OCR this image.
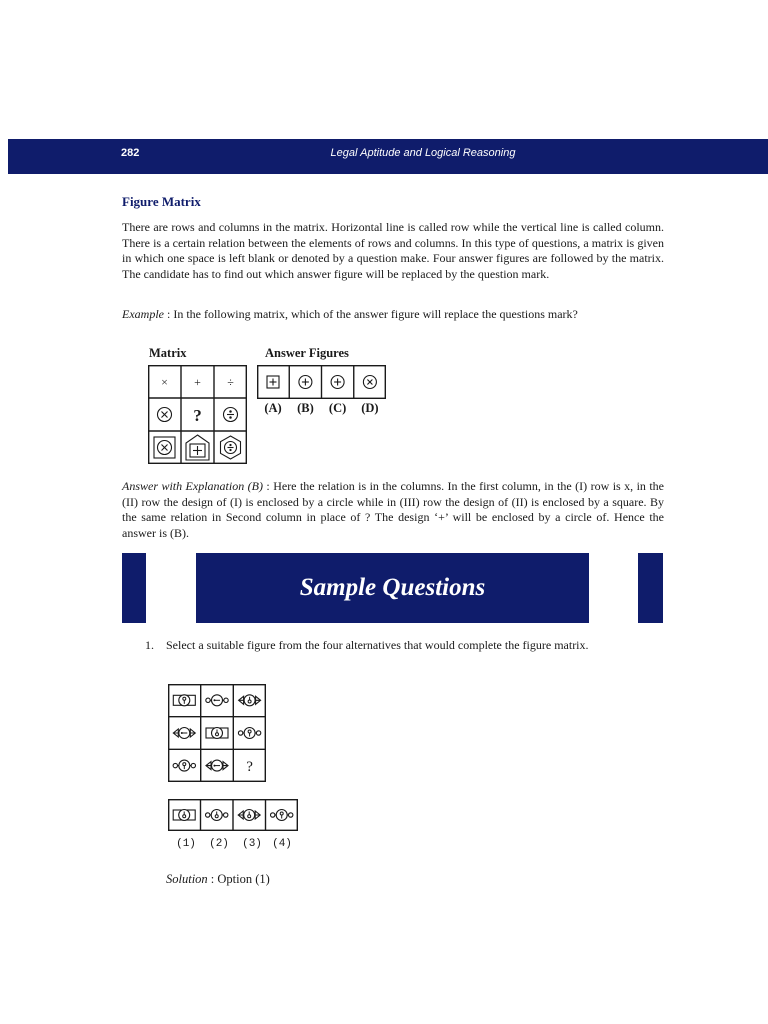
282	Legal Aptitude and Logical Reasoning
Figure Matrix
There are rows and columns in the matrix. Horizontal line is called row while the vertical line is called column. There is a certain relation between the elements of rows and columns. In this type of questions, a matrix is given in which one space is left blank or denoted by a question make. Four answer figures are followed by the matrix. The candidate has to find out which answer figure will be replaced by the question mark.
Example : In the following matrix, which of the answer figure will replace the questions mark?
Matrix	Answer Figures
× + ÷
?	(A) (B) (C) (D)
Answer with Explanation (B) : Here the relation is in the columns. In the first column, in the (I) row is x, in the (II) row the design of (I) is enclosed by a circle while in (III) row the design of (II) is enclosed by a square. By the same relation in Second column in place of ? The design ‘+’ will be enclosed by a circle of. Hence the answer is (B).
Sample Questions
1. Select a suitable figure from the four alternatives that would complete the figure matrix.
?
(1) (2) (3) (4)
Solution : Option (1)
